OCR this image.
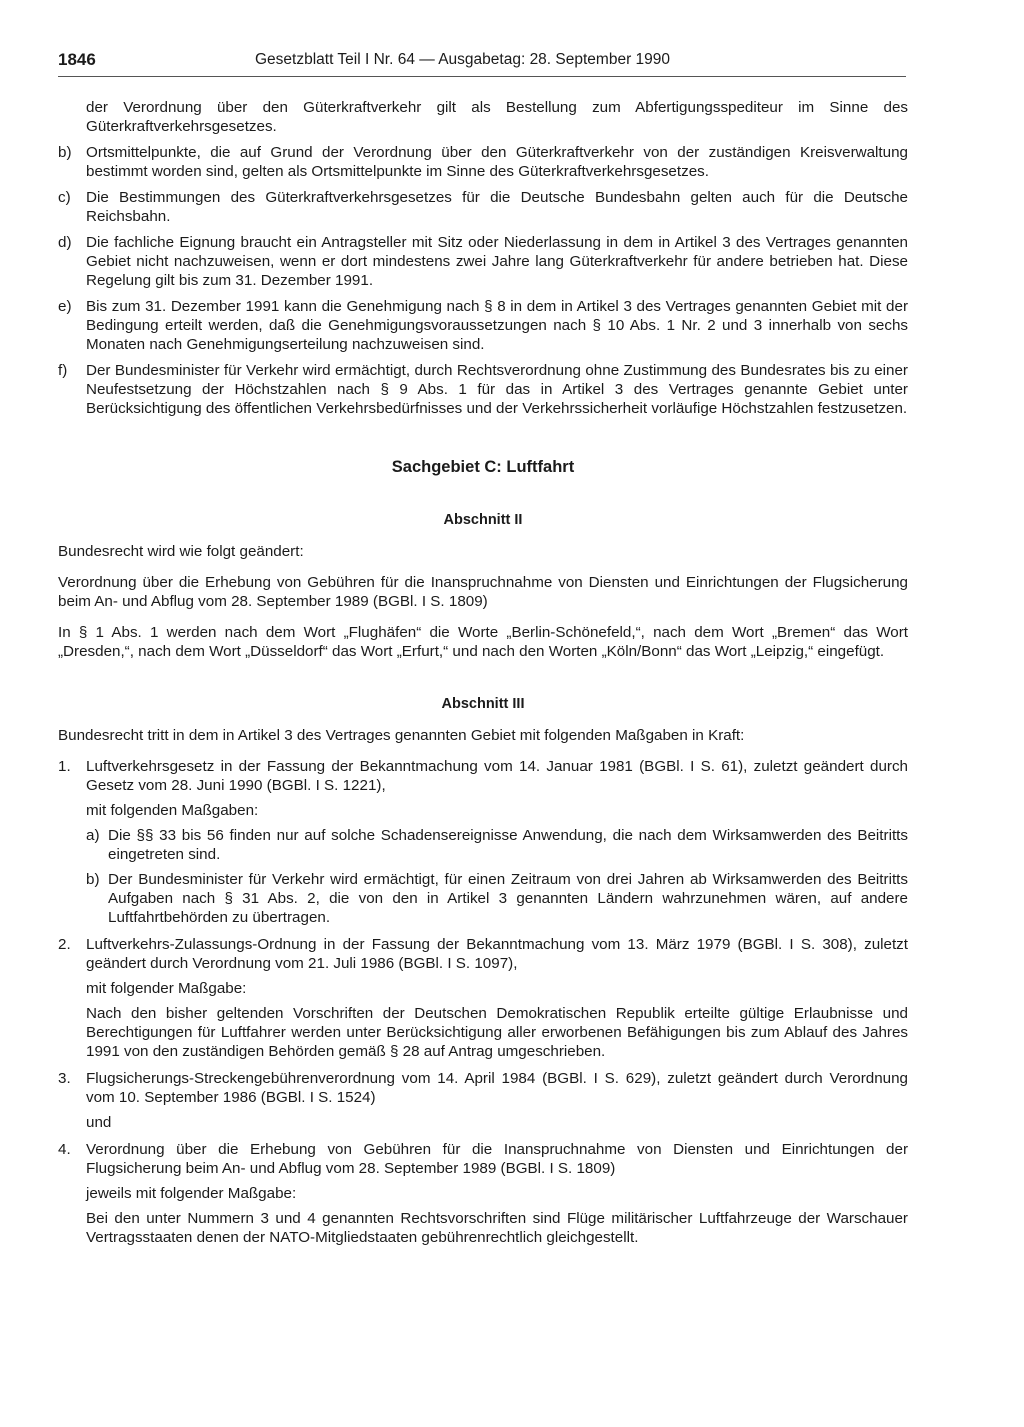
1846	Gesetzblatt Teil I Nr. 64 — Ausgabetag: 28. September 1990

der Verordnung über den Güterkraftverkehr gilt als Bestellung zum Abfertigungsspediteur im Sinne des Güterkraftverkehrsgesetzes.

b) Ortsmittelpunkte, die auf Grund der Verordnung über den Güterkraftverkehr von der zuständigen Kreisverwaltung bestimmt worden sind, gelten als Ortsmittelpunkte im Sinne des Güterkraftverkehrsgesetzes.
c)	Die Bestimmungen des Güterkraftverkehrsgesetzes für die Deutsche Bundesbahn gelten auch für die Deutsche Reichsbahn.
d) Die fachliche Eignung braucht ein Antragsteller mit Sitz oder Niederlassung in dem in Artikel 3 des Vertrages genannten Gebiet nicht nachzuweisen, wenn er dort mindestens zwei Jahre lang Güterkraftverkehr für andere betrieben hat. Diese Regelung gilt bis zum 31. Dezember 1991.
e) Bis zum 31. Dezember 1991 kann die Genehmigung nach § 8 in dem in Artikel 3 des Vertrages genannten Gebiet mit der Bedingung erteilt werden, daß die Genehmigungsvoraussetzungen nach § 10 Abs. 1 Nr. 2 und 3 innerhalb von sechs Monaten nach Genehmigungserteilung nachzuweisen sind.
f)	Der Bundesminister für Verkehr wird ermächtigt, durch Rechtsverordnung ohne Zustimmung des Bundesrates bis zu einer Neufestsetzung der Höchstzahlen nach § 9 Abs. 1 für das in Artikel 3 des Vertrages genannte Gebiet unter Berücksichtigung des öffentlichen Verkehrsbedürfnisses und der Verkehrssicherheit vorläufige Höchstzahlen festzusetzen.
Sachgebiet C: Luftfahrt
Abschnitt II

Bundesrecht wird wie folgt geändert:

Verordnung über die Erhebung von Gebühren für die Inanspruchnahme von Diensten und Einrichtungen der Flugsicherung beim An- und Abflug vom 28. September 1989 (BGBl. I S. 1809)

In § 1 Abs. 1 werden nach dem Wort „Flughäfen“ die Worte „Berlin-Schönefeld,“, nach dem Wort „Bremen“ das Wort „Dresden,“, nach dem Wort „Düsseldorf“ das Wort „Erfurt,“ und nach den Worten „Köln/Bonn“ das Wort „Leipzig,“ eingefügt.

Abschnitt III

Bundesrecht tritt in dem in Artikel 3 des Vertrages genannten Gebiet mit folgenden Maßgaben in Kraft:

1.	Luftverkehrsgesetz in der Fassung der Bekanntmachung vom 14. Januar 1981 (BGBl. I S. 61), zuletzt geändert durch Gesetz vom 28. Juni 1990 (BGBl. I S. 1221),

mit folgenden Maßgaben:

a) Die §§ 33 bis 56 finden nur auf solche Schadensereignisse Anwendung, die nach dem Wirksamwerden des Beitritts eingetreten sind.
b) Der Bundesminister für Verkehr wird ermächtigt, für einen Zeitraum von drei Jahren ab Wirksamwerden des Beitritts Aufgaben nach § 31 Abs. 2, die von den in Artikel 3 genannten Ländern wahrzunehmen wären, auf andere Luftfahrtbehörden zu übertragen.
2.	Luftverkehrs-Zulassungs-Ordnung in der Fassung der Bekanntmachung vom 13. März 1979 (BGBl. I S. 308), zuletzt geändert durch Verordnung vom 21. Juli 1986 (BGBl. I S. 1097),

mit folgender Maßgabe:

Nach den bisher geltenden Vorschriften der Deutschen Demokratischen Republik erteilte gültige Erlaubnisse und Berechtigungen für Luftfahrer werden unter Berücksichtigung aller erworbenen Befähigungen bis zum Ablauf des Jahres 1991 von den zuständigen Behörden gemäß § 28 auf Antrag umgeschrieben.

3.	Flugsicherungs-Streckengebührenverordnung vom 14. April 1984 (BGBl. I S. 629), zuletzt geändert durch Verordnung vom 10. September 1986 (BGBl. I S. 1524)

und

4.	Verordnung über die Erhebung von Gebühren für die Inanspruchnahme von Diensten und Einrichtungen der Flugsicherung beim An- und Abflug vom 28. September 1989 (BGBl. I S. 1809)

jeweils mit folgender Maßgabe:

Bei den unter Nummern 3 und 4 genannten Rechtsvorschriften sind Flüge militärischer Luftfahrzeuge der Warschauer Vertragsstaaten denen der NATO-Mitgliedstaaten gebührenrechtlich gleichgestellt.
